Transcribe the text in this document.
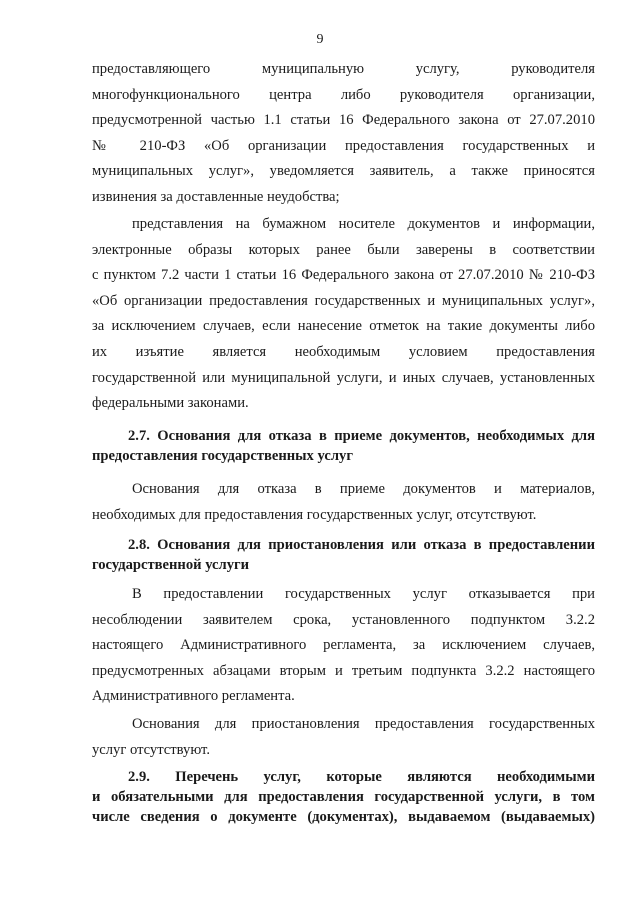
9
предоставляющего муниципальную услугу, руководителя
многофункционального центра либо руководителя организации,
предусмотренной частью 1.1 статьи 16 Федерального закона от 27.07.2010
№ 210-ФЗ «Об организации предоставления государственных и
муниципальных услуг», уведомляется заявитель, а также приносятся
извинения за доставленные неудобства;
представления на бумажном носителе документов и информации,
электронные образы которых ранее были заверены в соответствии
с пунктом 7.2 части 1 статьи 16 Федерального закона от 27.07.2010 № 210-ФЗ
«Об организации предоставления государственных и муниципальных услуг»,
за исключением случаев, если нанесение отметок на такие документы либо
их изъятие является необходимым условием предоставления
государственной или муниципальной услуги, и иных случаев, установленных
федеральными законами.
2.7. Основания для отказа в приеме документов, необходимых для
предоставления государственных услуг
Основания для отказа в приеме документов и материалов,
необходимых для предоставления государственных услуг, отсутствуют.
2.8. Основания для приостановления или отказа в предоставлении
государственной услуги
В предоставлении государственных услуг отказывается при
несоблюдении заявителем срока, установленного подпунктом 3.2.2
настоящего Административного регламента, за исключением случаев,
предусмотренных абзацами вторым и третьим подпункта 3.2.2 настоящего
Административного регламента.
Основания для приостановления предоставления государственных
услуг отсутствуют.
2.9. Перечень услуг, которые являются необходимыми
и обязательными для предоставления государственной услуги, в том
числе сведения о документе (документах), выдаваемом (выдаваемых)
